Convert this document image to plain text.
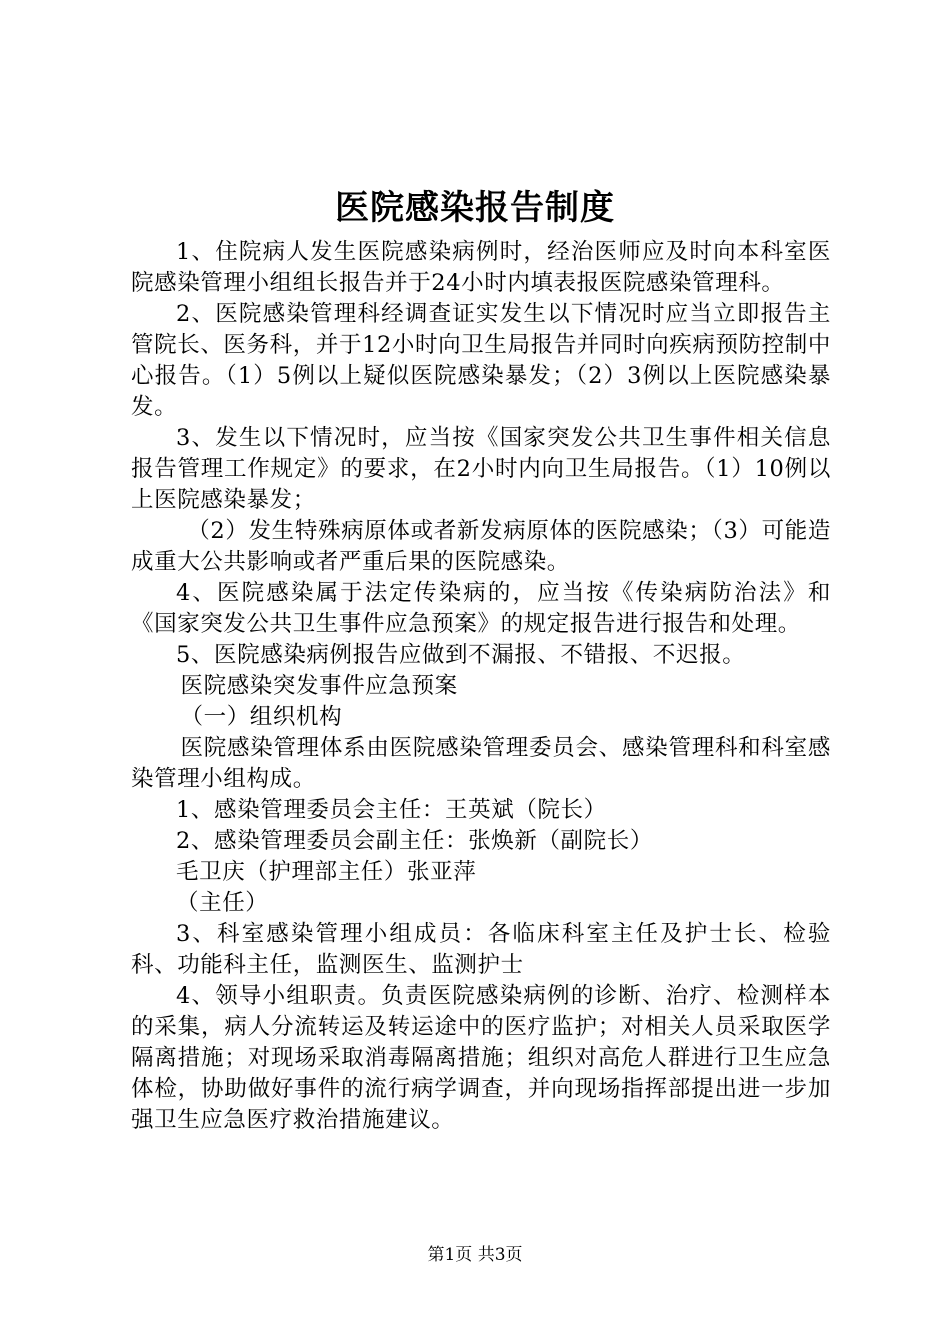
医院感染报告制度

1、住院病人发生医院感染病例时，经治医师应及时向本科室医院感染管理小组组长报告并于24小时内填表报医院感染管理科。

2、医院感染管理科经调查证实发生以下情况时应当立即报告主管院长、医务科，并于12小时向卫生局报告并同时向疾病预防控制中心报告。（1）5例以上疑似医院感染暴发；（2）3例以上医院感染暴发。

3、发生以下情况时，应当按《国家突发公共卫生事件相关信息报告管理工作规定》的要求，在2小时内向卫生局报告。（1）10例以上医院感染暴发；

（2）发生特殊病原体或者新发病原体的医院感染；（3）可能造成重大公共影响或者严重后果的医院感染。

4、医院感染属于法定传染病的，应当按《传染病防治法》和《国家突发公共卫生事件应急预案》的规定报告进行报告和处理。

5、医院感染病例报告应做到不漏报、不错报、不迟报。

医院感染突发事件应急预案

（一）组织机构

医院感染管理体系由医院感染管理委员会、感染管理科和科室感染管理小组构成。

1、感染管理委员会主任：王英斌（院长）

2、感染管理委员会副主任：张焕新（副院长）

毛卫庆（护理部主任）张亚萍

（主任）

3、科室感染管理小组成员：各临床科室主任及护士长、检验科、功能科主任，监测医生、监测护士

4、领导小组职责。负责医院感染病例的诊断、治疗、检测样本的采集，病人分流转运及转运途中的医疗监护；对相关人员采取医学隔离措施；对现场采取消毒隔离措施；组织对高危人群进行卫生应急体检，协助做好事件的流行病学调查，并向现场指挥部提出进一步加强卫生应急医疗救治措施建议。

第1页 共3页
